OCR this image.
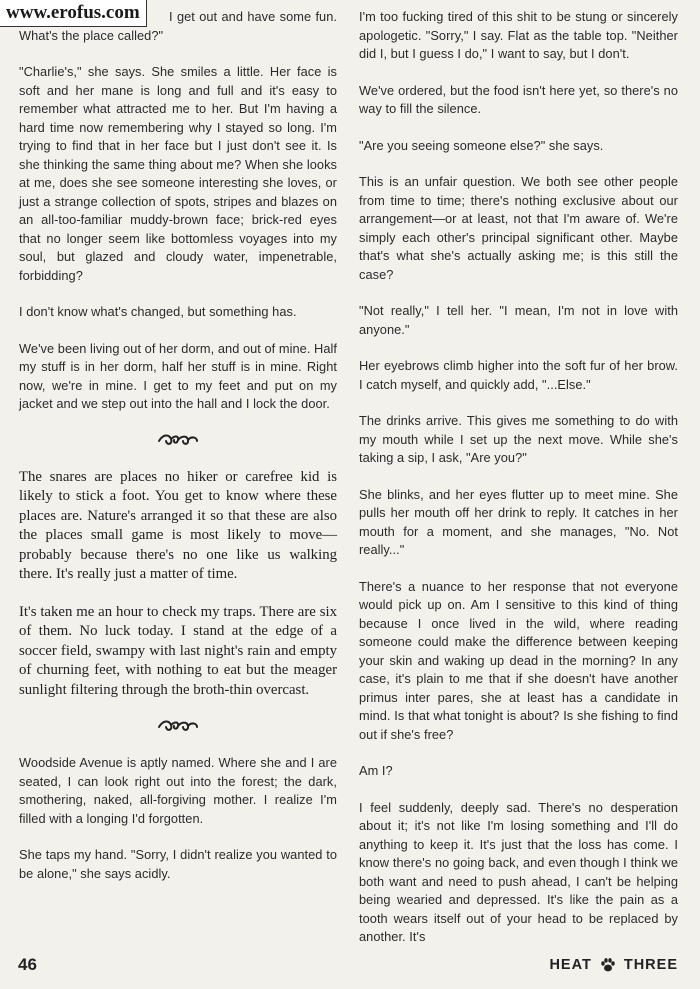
I get out and have some fun. What's the place called?"

"Charlie's," she says. She smiles a little. Her face is soft and her mane is long and full and it's easy to remember what attracted me to her. But I'm having a hard time now remembering why I stayed so long. I'm trying to find that in her face but I just don't see it. Is she thinking the same thing about me? When she looks at me, does she see someone interesting she loves, or just a strange collection of spots, stripes and blazes on an all-too-familiar muddy-brown face; brick-red eyes that no longer seem like bottomless voyages into my soul, but glazed and cloudy water, impenetrable, forbidding?

I don't know what's changed, but something has.

We've been living out of her dorm, and out of mine. Half my stuff is in her dorm, half her stuff is in mine. Right now, we're in mine. I get to my feet and put on my jacket and we step out into the hall and I lock the door.

The snares are places no hiker or carefree kid is likely to stick a foot. You get to know where these places are. Nature's arranged it so that these are also the places small game is most likely to move—probably because there's no one like us walking there. It's really just a matter of time.

It's taken me an hour to check my traps. There are six of them. No luck today. I stand at the edge of a soccer field, swampy with last night's rain and empty of churning feet, with nothing to eat but the meager sunlight filtering through the broth-thin overcast.

Woodside Avenue is aptly named. Where she and I are seated, I can look right out into the forest; the dark, smothering, naked, all-forgiving mother. I realize I'm filled with a longing I'd forgotten.

She taps my hand. "Sorry, I didn't realize you wanted to be alone," she says acidly.

I'm too fucking tired of this shit to be stung or sincerely apologetic. "Sorry," I say. Flat as the table top. "Neither did I, but I guess I do," I want to say, but I don't.

We've ordered, but the food isn't here yet, so there's no way to fill the silence.

"Are you seeing someone else?" she says.

This is an unfair question. We both see other people from time to time; there's nothing exclusive about our arrangement—or at least, not that I'm aware of. We're simply each other's principal significant other. Maybe that's what she's actually asking me; is this still the case?

"Not really," I tell her. "I mean, I'm not in love with anyone."

Her eyebrows climb higher into the soft fur of her brow. I catch myself, and quickly add, "...Else."

The drinks arrive. This gives me something to do with my mouth while I set up the next move. While she's taking a sip, I ask, "Are you?"

She blinks, and her eyes flutter up to meet mine. She pulls her mouth off her drink to reply. It catches in her mouth for a moment, and she manages, "No. Not really..."

There's a nuance to her response that not everyone would pick up on. Am I sensitive to this kind of thing because I once lived in the wild, where reading someone could make the difference between keeping your skin and waking up dead in the morning? In any case, it's plain to me that if she doesn't have another primus inter pares, she at least has a candidate in mind. Is that what tonight is about? Is she fishing to find out if she's free?

Am I?

I feel suddenly, deeply sad. There's no desperation about it; it's not like I'm losing something and I'll do anything to keep it. It's just that the loss has come. I know there's no going back, and even though I think we both want and need to push ahead, I can't be helping being wearied and depressed. It's like the pain as a tooth wears itself out of your head to be replaced by another. It's

www.erofus.com
46	HEAT THREE
